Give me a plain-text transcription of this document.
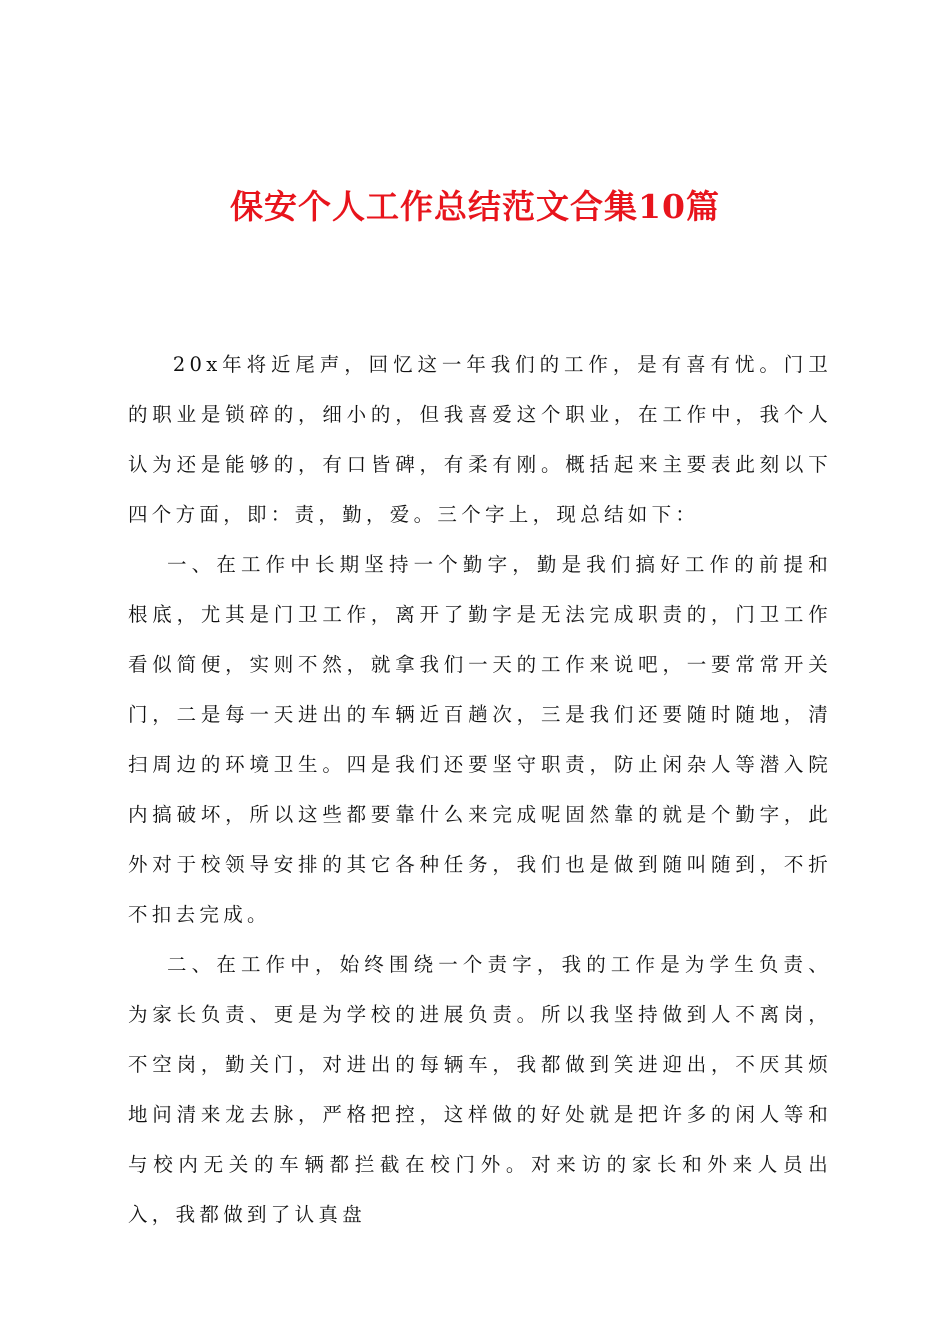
保安个人工作总结范文合集10篇

20x年将近尾声，回忆这一年我们的工作，是有喜有忧。门卫的职业是锁碎的，细小的，但我喜爱这个职业，在工作中，我个人认为还是能够的，有口皆碑，有柔有刚。概括起来主要表此刻以下四个方面，即：责，勤，爱。三个字上，现总结如下：

一、在工作中长期坚持一个勤字，勤是我们搞好工作的前提和根底，尤其是门卫工作，离开了勤字是无法完成职责的，门卫工作看似简便，实则不然，就拿我们一天的工作来说吧，一要常常开关门，二是每一天进出的车辆近百趟次，三是我们还要随时随地，清扫周边的环境卫生。四是我们还要坚守职责，防止闲杂人等潜入院内搞破坏，所以这些都要靠什么来完成呢固然靠的就是个勤字，此外对于校领导安排的其它各种任务，我们也是做到随叫随到，不折不扣去完成。

二、在工作中，始终围绕一个责字，我的工作是为学生负责、为家长负责、更是为学校的进展负责。所以我坚持做到人不离岗，不空岗，勤关门，对进出的每辆车，我都做到笑进迎出，不厌其烦地问清来龙去脉，严格把控，这样做的好处就是把许多的闲人等和与校内无关的车辆都拦截在校门外。对来访的家长和外来人员出入，我都做到了认真盘
